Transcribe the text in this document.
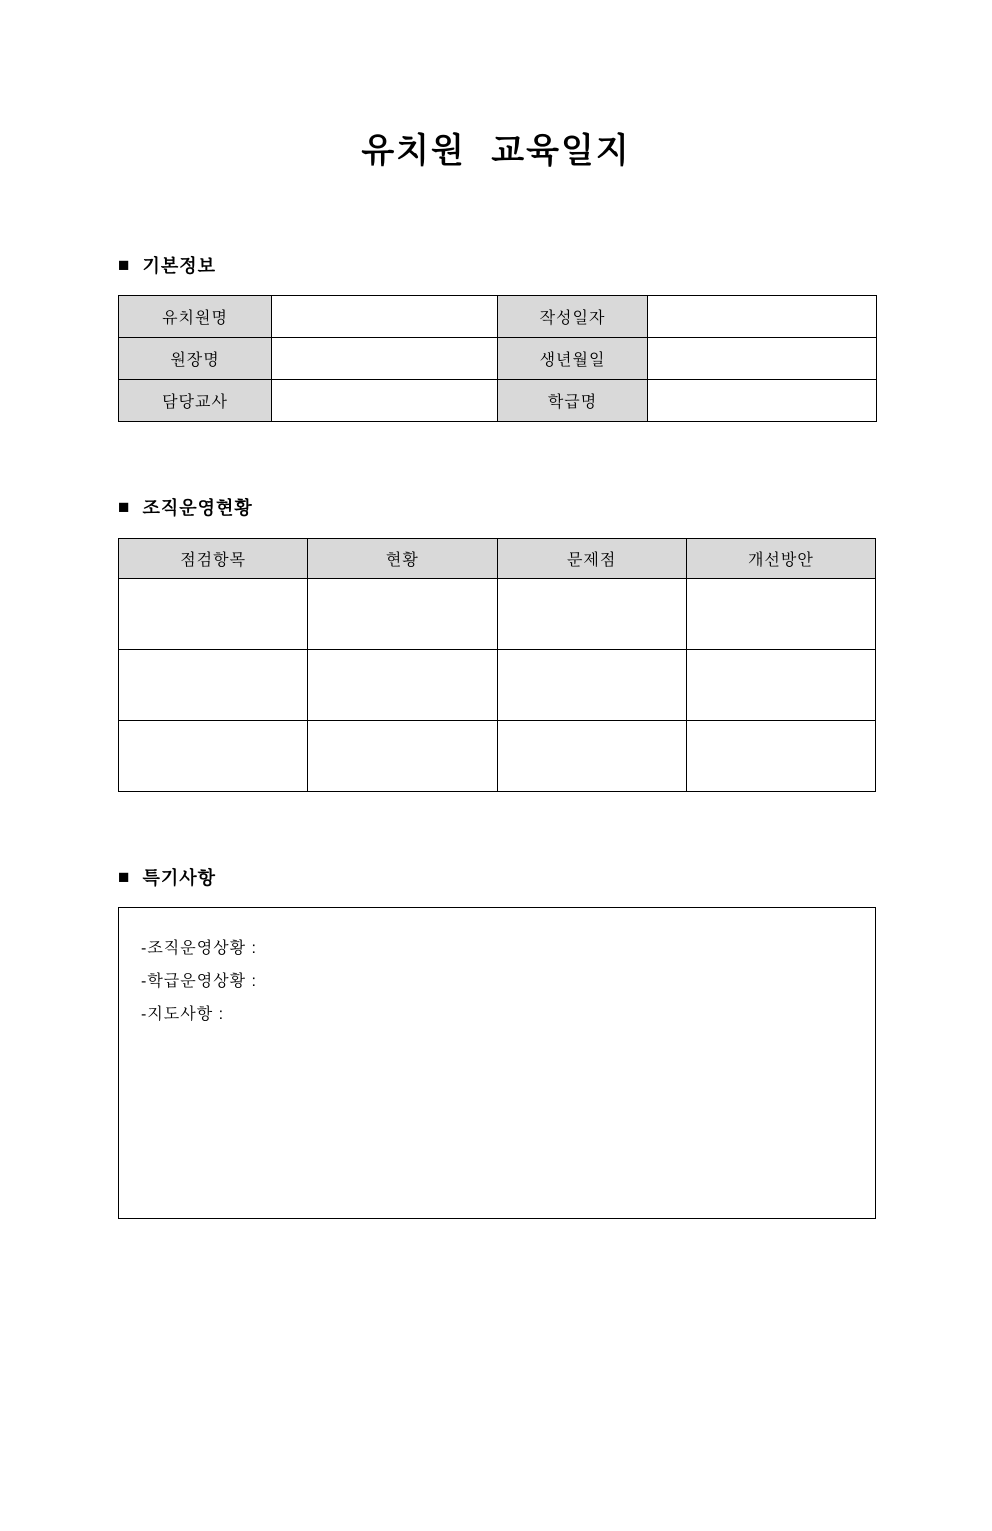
유치원 교육일지
■ 기본정보
유치원명		작성일자	
원장명		생년월일	
담당교사		학급명	
■ 조직운영현황
점검항목	현황	문제점	개선방안

■ 특기사항
-조직운영상황 :
-학급운영상황 :
-지도사항 :
